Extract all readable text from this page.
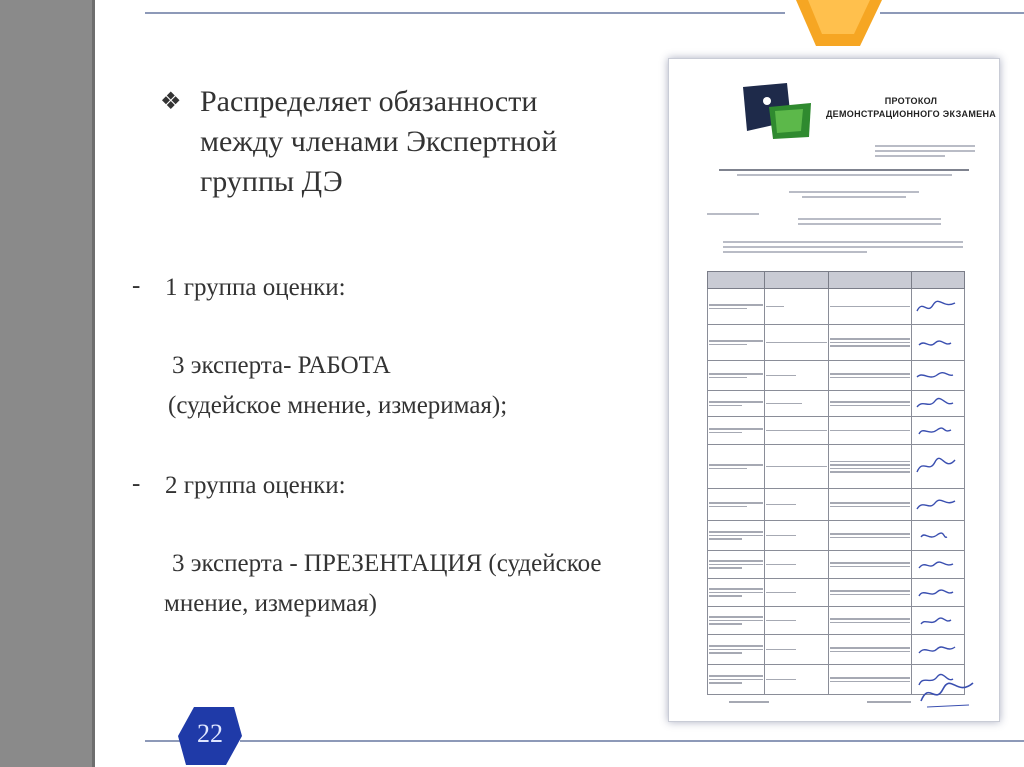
❖ Распределяет обязанности между членами Экспертной группы ДЭ
- 1 группа оценки:
3 эксперта- РАБОТА
(судейское мнение, измеримая);
- 2 группа оценки:
3 эксперта - ПРЕЗЕНТАЦИЯ (судейское
мнение, измеримая)
22
ПРОТОКОЛ
ДЕМОНСТРАЦИОННОГО ЭКЗАМЕНА
